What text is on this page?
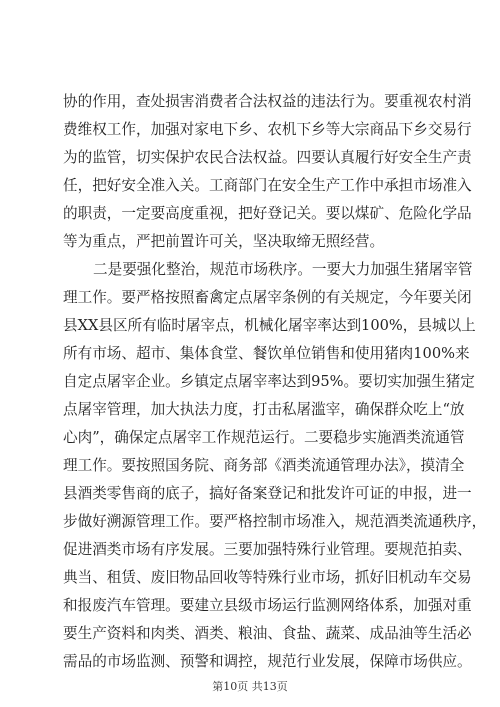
协的作用，查处损害消费者合法权益的违法行为。要重视农村消
费维权工作，加强对家电下乡、农机下乡等大宗商品下乡交易行
为的监管，切实保护农民合法权益。四要认真履行好安全生产责
任，把好安全准入关。工商部门在安全生产工作中承担市场准入
的职责，一定要高度重视，把好登记关。要以煤矿、危险化学品
等为重点，严把前置许可关，坚决取缔无照经营。
二是要强化整治，规范市场秩序。一要大力加强生猪屠宰管
理工作。要严格按照畜禽定点屠宰条例的有关规定，今年要关闭
县XX县区所有临时屠宰点，机械化屠宰率达到100%，县城以上
所有市场、超市、集体食堂、餐饮单位销售和使用猪肉100%来
自定点屠宰企业。乡镇定点屠宰率达到95%。要切实加强生猪定
点屠宰管理，加大执法力度，打击私屠滥宰，确保群众吃上“放
心肉”，确保定点屠宰工作规范运行。二要稳步实施酒类流通管
理工作。要按照国务院、商务部《酒类流通管理办法》，摸清全
县酒类零售商的底子，搞好备案登记和批发许可证的申报，进一
步做好溯源管理工作。要严格控制市场准入，规范酒类流通秩序，
促进酒类市场有序发展。三要加强特殊行业管理。要规范拍卖、
典当、租赁、废旧物品回收等特殊行业市场，抓好旧机动车交易
和报废汽车管理。要建立县级市场运行监测网络体系，加强对重
要生产资料和肉类、酒类、粮油、食盐、蔬菜、成品油等生活必
需品的市场监测、预警和调控，规范行业发展，保障市场供应。
第10页 共13页
